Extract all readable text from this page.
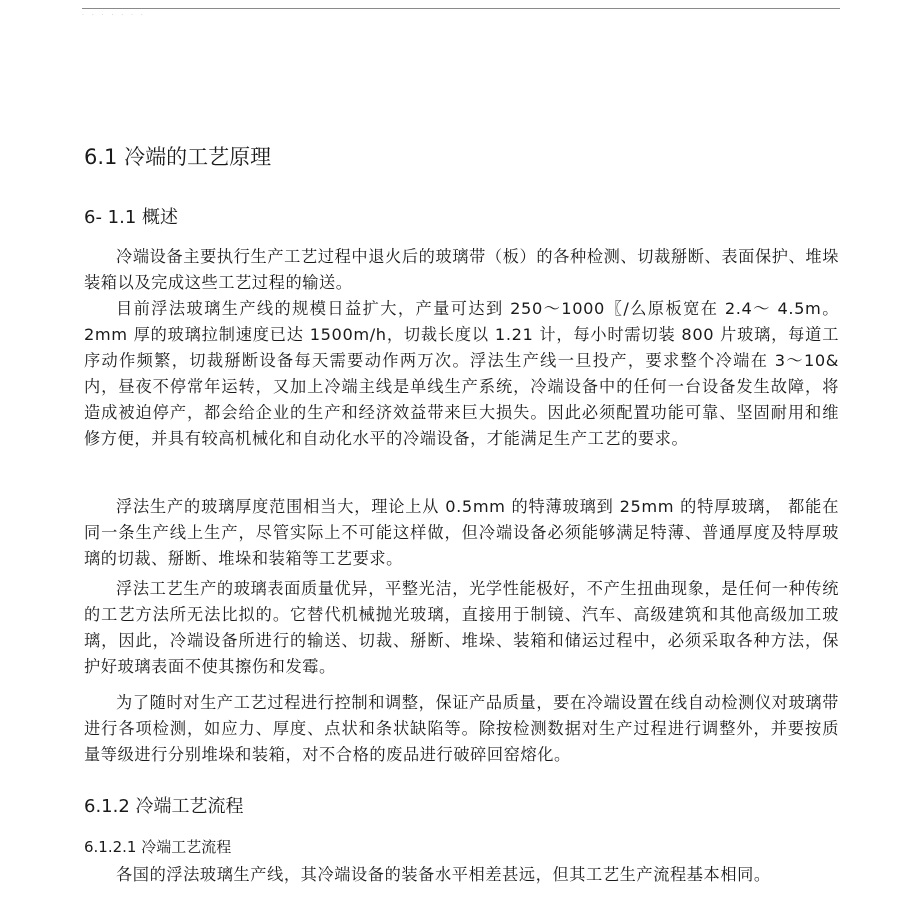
. . . . . . .
6.1 冷端的工艺原理
6- 1.1 概述

冷端设备主要执行生产工艺过程中退火后的玻璃带（板）的各种检测、切裁掰断、表面保护、堆垛装箱以及完成这些工艺过程的输送。

目前浮法玻璃生产线的规模日益扩大，产量可达到 250～1000〖/么原板宽在 2.4～ 4.5m。2mm 厚的玻璃拉制速度已达 1500m/h，切裁长度以 1.21 计，每小时需切装 800 片玻璃，每道工序动作频繁，切裁掰断设备每天需要动作两万次。浮法生产线一旦投产，要求整个冷端在 3～10&内，昼夜不停常年运转，又加上冷端主线是单线生产系统，冷端设备中的任何一台设备发生故障，将造成被迫停产，都会给企业的生产和经济效益带来巨大损失。因此必须配置功能可靠、坚固耐用和维修方便，并具有较高机械化和自动化水平的冷端设备，才能满足生产工艺的要求。

浮法生产的玻璃厚度范围相当大，理论上从 0.5mm 的特薄玻璃到 25mm 的特厚玻璃， 都能在同一条生产线上生产，尽管实际上不可能这样做，但冷端设备必须能够满足特薄、普通厚度及特厚玻璃的切裁、掰断、堆垛和装箱等工艺要求。

浮法工艺生产的玻璃表面质量优异，平整光洁，光学性能极好，不产生扭曲现象，是任何一种传统的工艺方法所无法比拟的。它替代机械抛光玻璃，直接用于制镜、汽车、高级建筑和其他高级加工玻璃，因此，冷端设备所进行的输送、切裁、掰断、堆垛、装箱和储运过程中，必须采取各种方法，保护好玻璃表面不使其擦伤和发霉。

为了随时对生产工艺过程进行控制和调整，保证产品质量，要在冷端设置在线自动检测仪对玻璃带进行各项检测，如应力、厚度、点状和条状缺陷等。除按检测数据对生产过程进行调整外，并要按质量等级进行分别堆垛和装箱，对不合格的废品进行破碎回窑熔化。

6.1.2 冷端工艺流程
6.1.2.1 冷端工艺流程

各国的浮法玻璃生产线，其冷端设备的装备水平相差甚远，但其工艺生产流程基本相同。
